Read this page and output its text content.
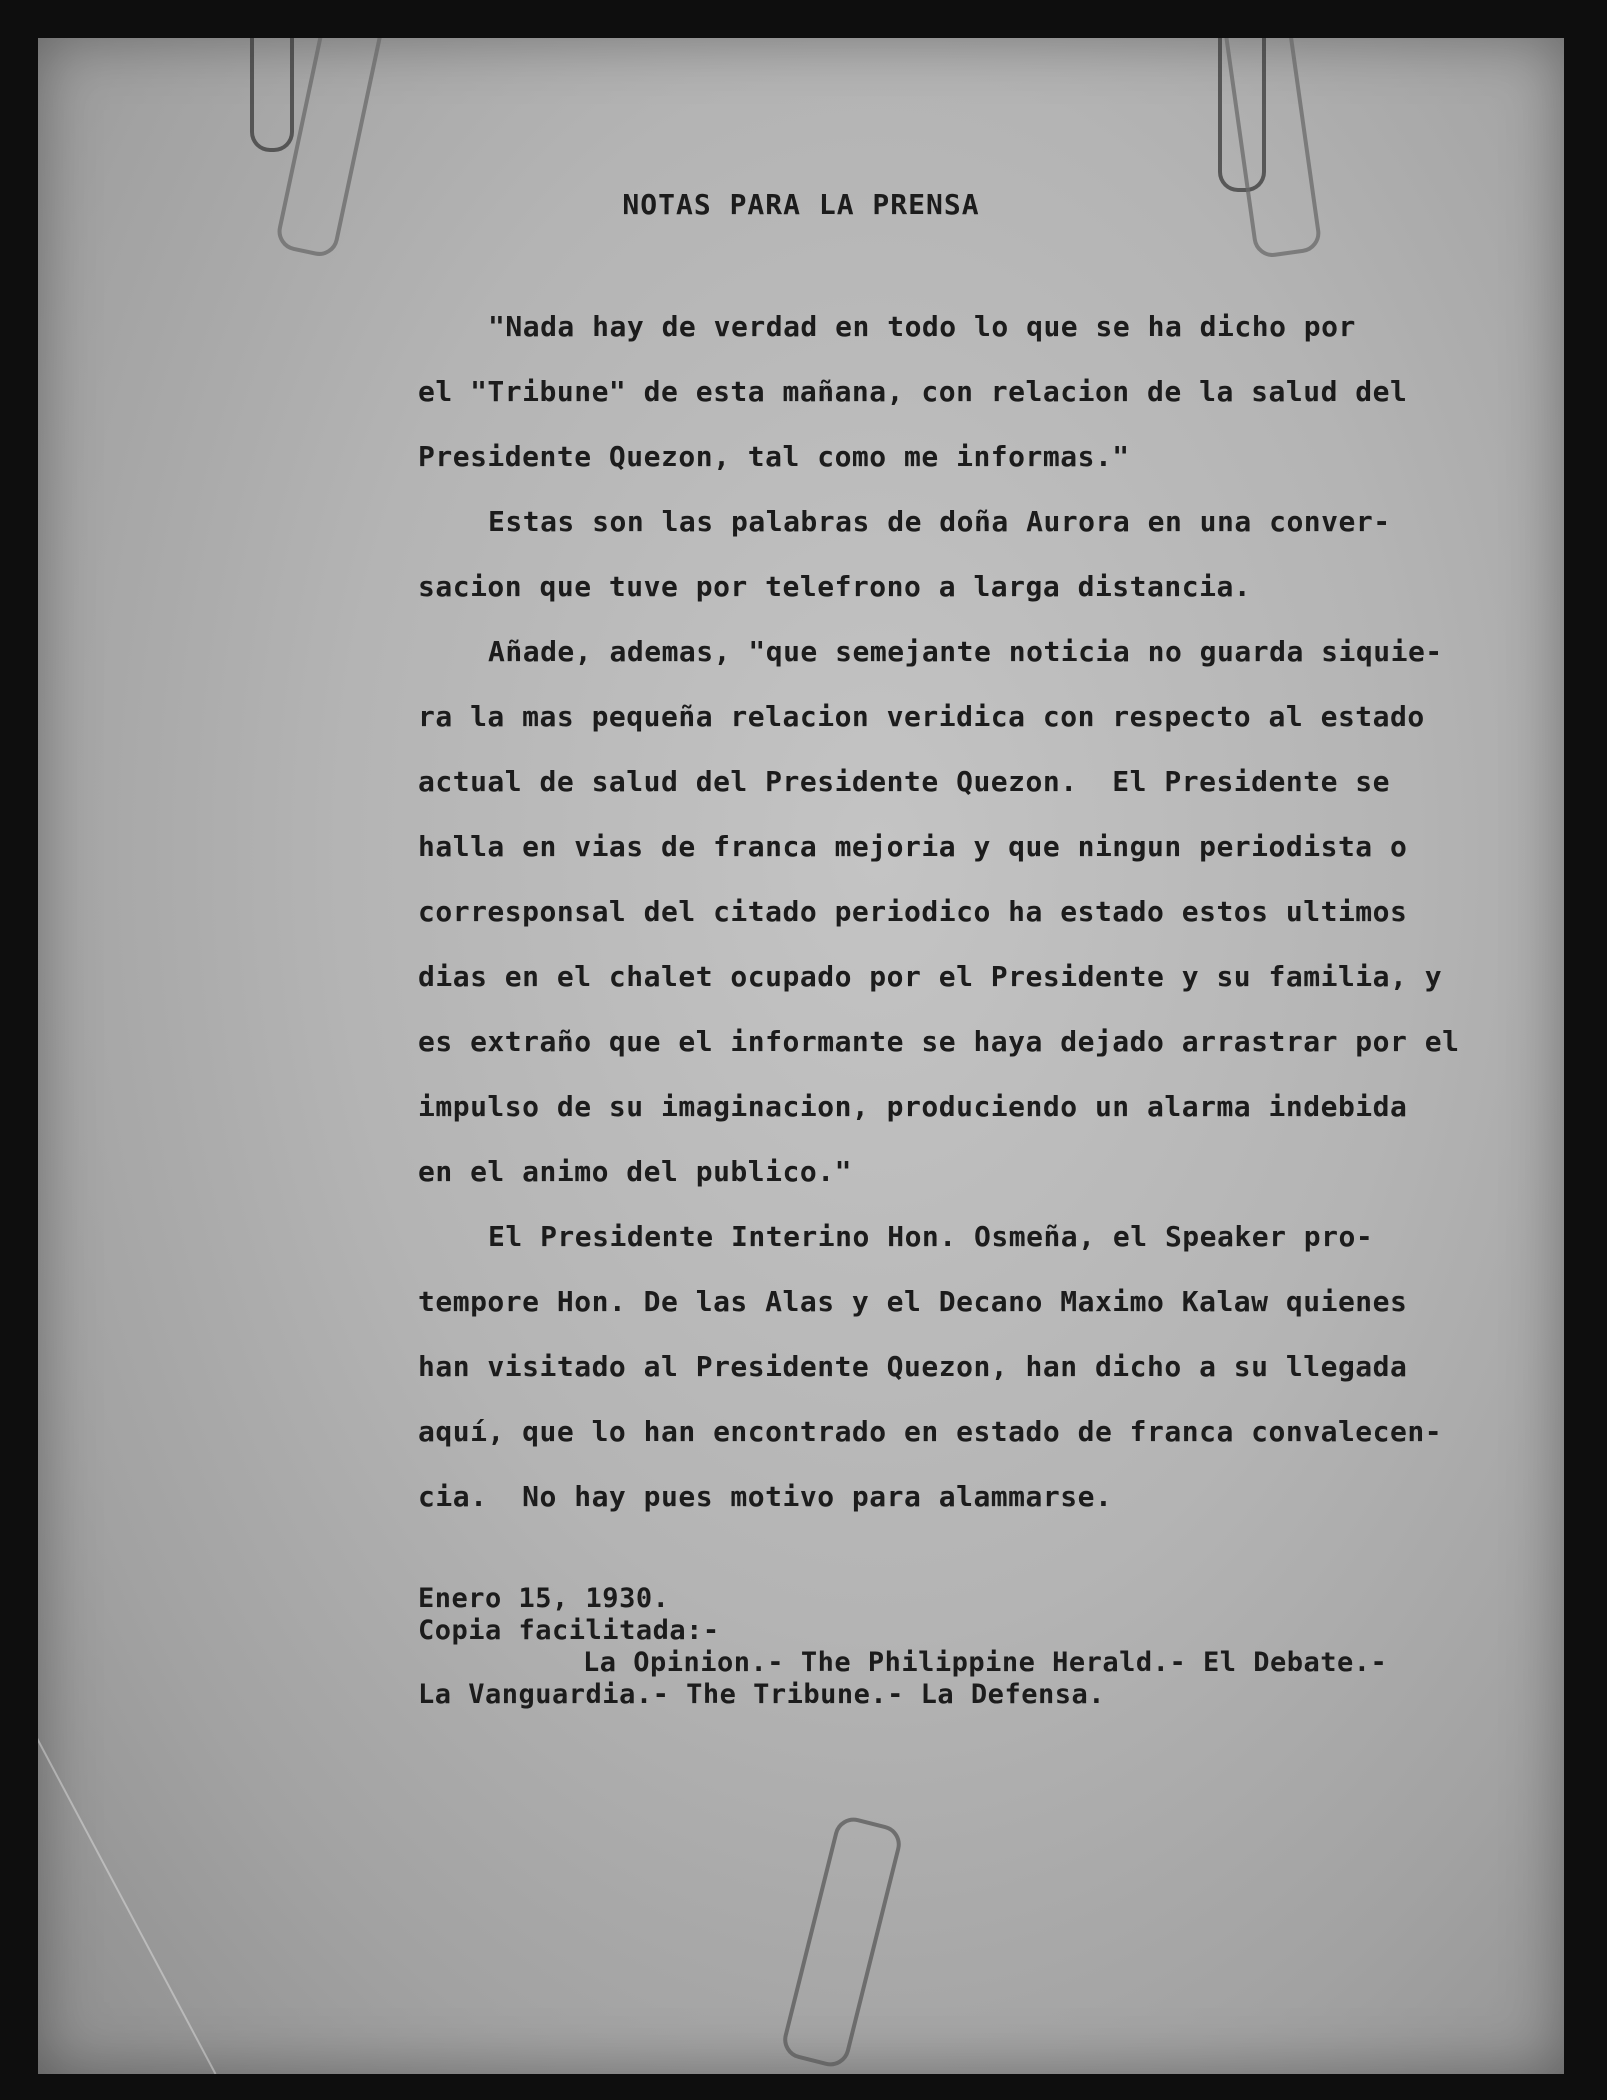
NOTAS PARA LA PRENSA
"Nada hay de verdad en todo lo que se ha dicho por
el "Tribune" de esta mañana, con relacion de la salud del
Presidente Quezon, tal como me informas."
Estas son las palabras de doña Aurora en una conver-
sacion que tuve por telefrono a larga distancia.
Añade, ademas, "que semejante noticia no guarda siquie-
ra la mas pequeña relacion veridica con respecto al estado
actual de salud del Presidente Quezon.  El Presidente se
halla en vias de franca mejoria y que ningun periodista o
corresponsal del citado periodico ha estado estos ultimos
dias en el chalet ocupado por el Presidente y su familia, y
es extraño que el informante se haya dejado arrastrar por el
impulso de su imaginacion, produciendo un alarma indebida
en el animo del publico."
El Presidente Interino Hon. Osmeña, el Speaker pro-
tempore Hon. De las Alas y el Decano Maximo Kalaw quienes
han visitado al Presidente Quezon, han dicho a su llegada
aquí, que lo han encontrado en estado de franca convalecen-
cia.  No hay pues motivo para alammarse.
Enero 15, 1930.
Copia facilitada:-
La Opinion.- The Philippine Herald.- El Debate.-
La Vanguardia.- The Tribune.- La Defensa.
